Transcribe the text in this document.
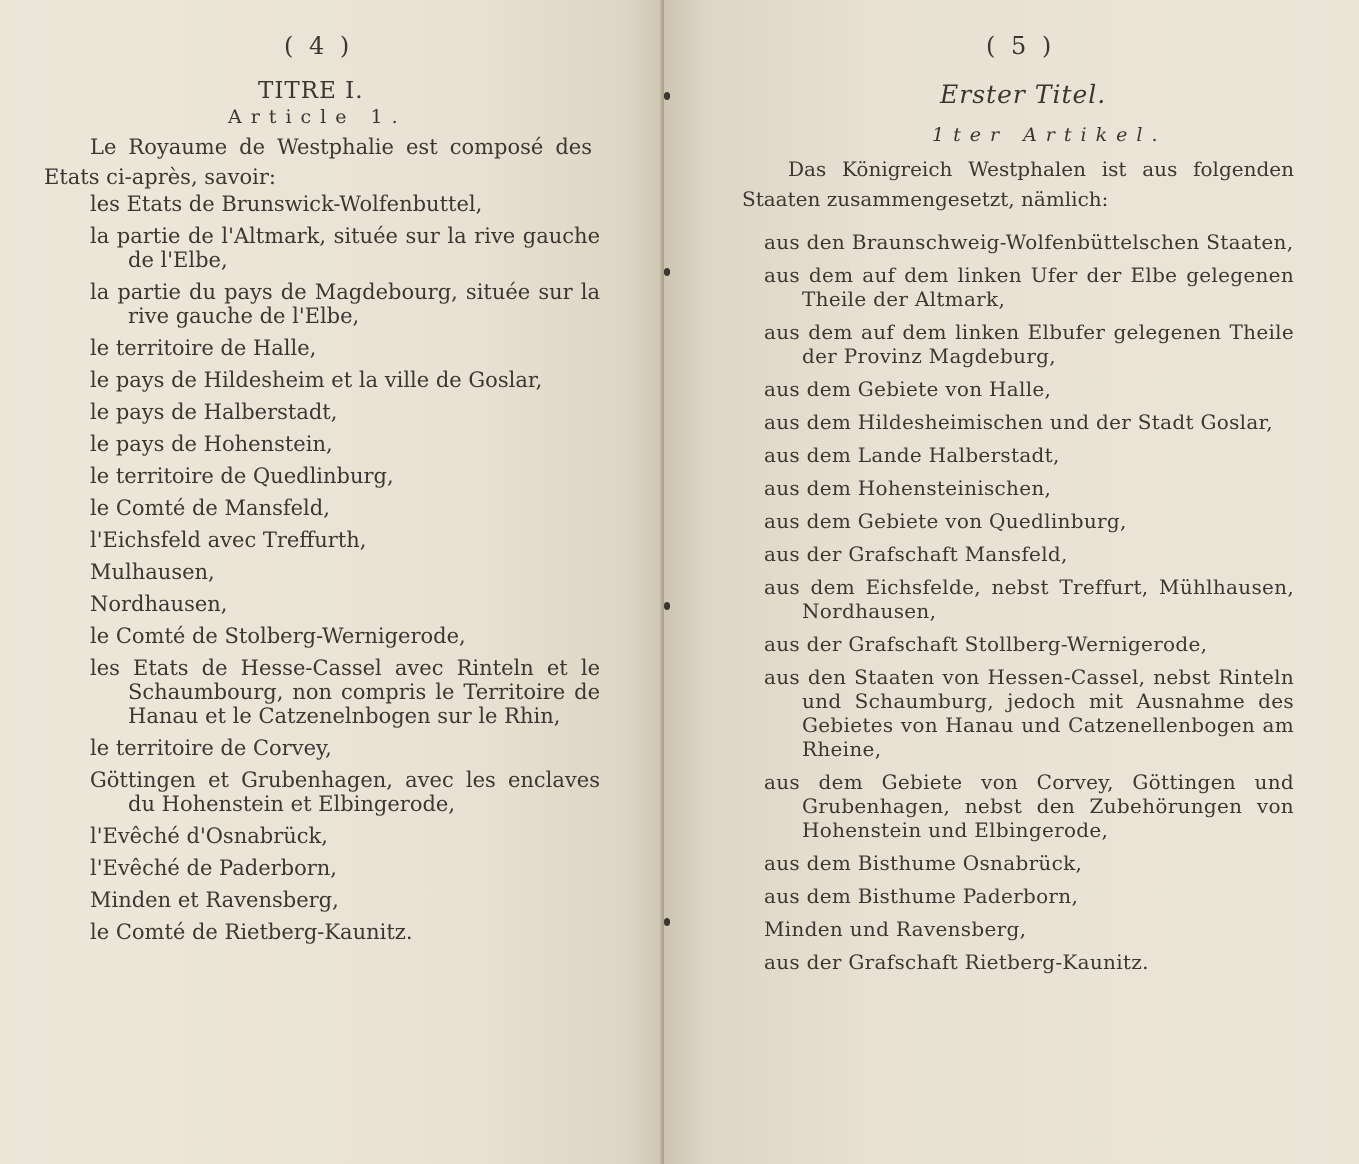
( 4 )
TITRE I.
Article 1.
Le Royaume de Westphalie est composé des Etats ci-après, savoir:
les Etats de Brunswick-Wolfenbuttel,
la partie de l'Altmark, située sur la rive gauche de l'Elbe,
la partie du pays de Magdebourg, située sur la rive gauche de l'Elbe,
le territoire de Halle,
le pays de Hildesheim et la ville de Goslar,
le pays de Halberstadt,
le pays de Hohenstein,
le territoire de Quedlinburg,
le Comté de Mansfeld,
l'Eichsfeld avec Treffurth,
Mulhausen,
Nordhausen,
le Comté de Stolberg-Wernigerode,
les Etats de Hesse-Cassel avec Rinteln et le Schaumbourg, non compris le Territoire de Hanau et le Catzenelnbogen sur le Rhin,
le territoire de Corvey,
Göttingen et Grubenhagen, avec les enclaves du Hohenstein et Elbingerode,
l'Evêché d'Osnabrück,
l'Evêché de Paderborn,
Minden et Ravensberg,
le Comté de Rietberg-Kaunitz.
( 5 )
Erster Titel.
1ter Artikel.
Das Königreich Westphalen ist aus folgenden Staaten zusammengesetzt, nämlich:
aus den Braunschweig-Wolfenbüttelschen Staaten,
aus dem auf dem linken Ufer der Elbe gelegenen Theile der Altmark,
aus dem auf dem linken Elbufer gelegenen Theile der Provinz Magdeburg,
aus dem Gebiete von Halle,
aus dem Hildesheimischen und der Stadt Goslar,
aus dem Lande Halberstadt,
aus dem Hohensteinischen,
aus dem Gebiete von Quedlinburg,
aus der Grafschaft Mansfeld,
aus dem Eichsfelde, nebst Treffurt, Mühlhausen, Nordhausen,
aus der Grafschaft Stollberg-Wernigerode,
aus den Staaten von Hessen-Cassel, nebst Rinteln und Schaumburg, jedoch mit Ausnahme des Gebietes von Hanau und Catzenellenbogen am Rheine,
aus dem Gebiete von Corvey, Göttingen und Grubenhagen, nebst den Zubehörungen von Hohenstein und Elbingerode,
aus dem Bisthume Osnabrück,
aus dem Bisthume Paderborn,
Minden und Ravensberg,
aus der Grafschaft Rietberg-Kaunitz.
